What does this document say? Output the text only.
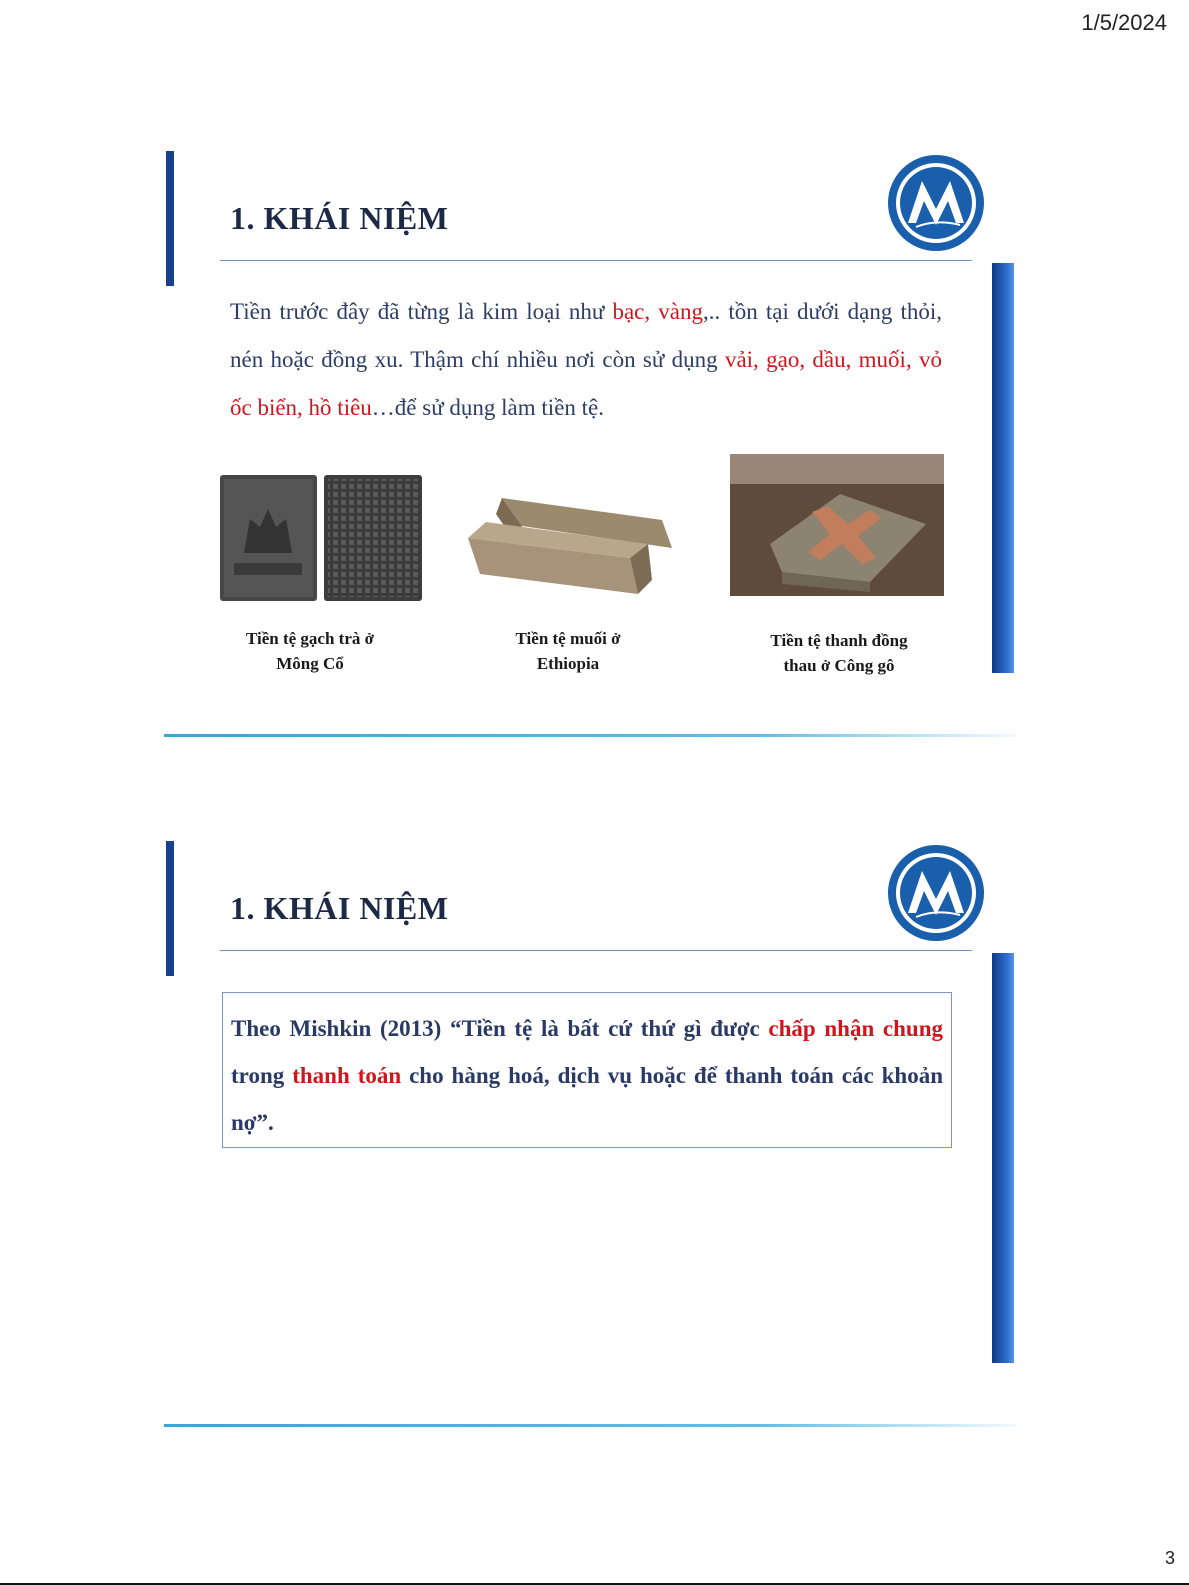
1/5/2024
1. KHÁI NIỆM

Tiền trước đây đã từng là kim loại như bạc, vàng,.. tồn tại dưới dạng thỏi, nén hoặc đồng xu. Thậm chí nhiều nơi còn sử dụng vải, gạo, dầu, muối, vỏ ốc biển, hồ tiêu…để sử dụng làm tiền tệ.

Tiền tệ gạch trà ở
Mông Cổ

Tiền tệ muối ở
Ethiopia

Tiền tệ thanh đồng
thau ở Công gô

1. KHÁI NIỆM

Theo Mishkin (2013) “Tiền tệ là bất cứ thứ gì được chấp nhận chung trong thanh toán cho hàng hoá, dịch vụ hoặc để thanh toán các khoản nợ”.

3
